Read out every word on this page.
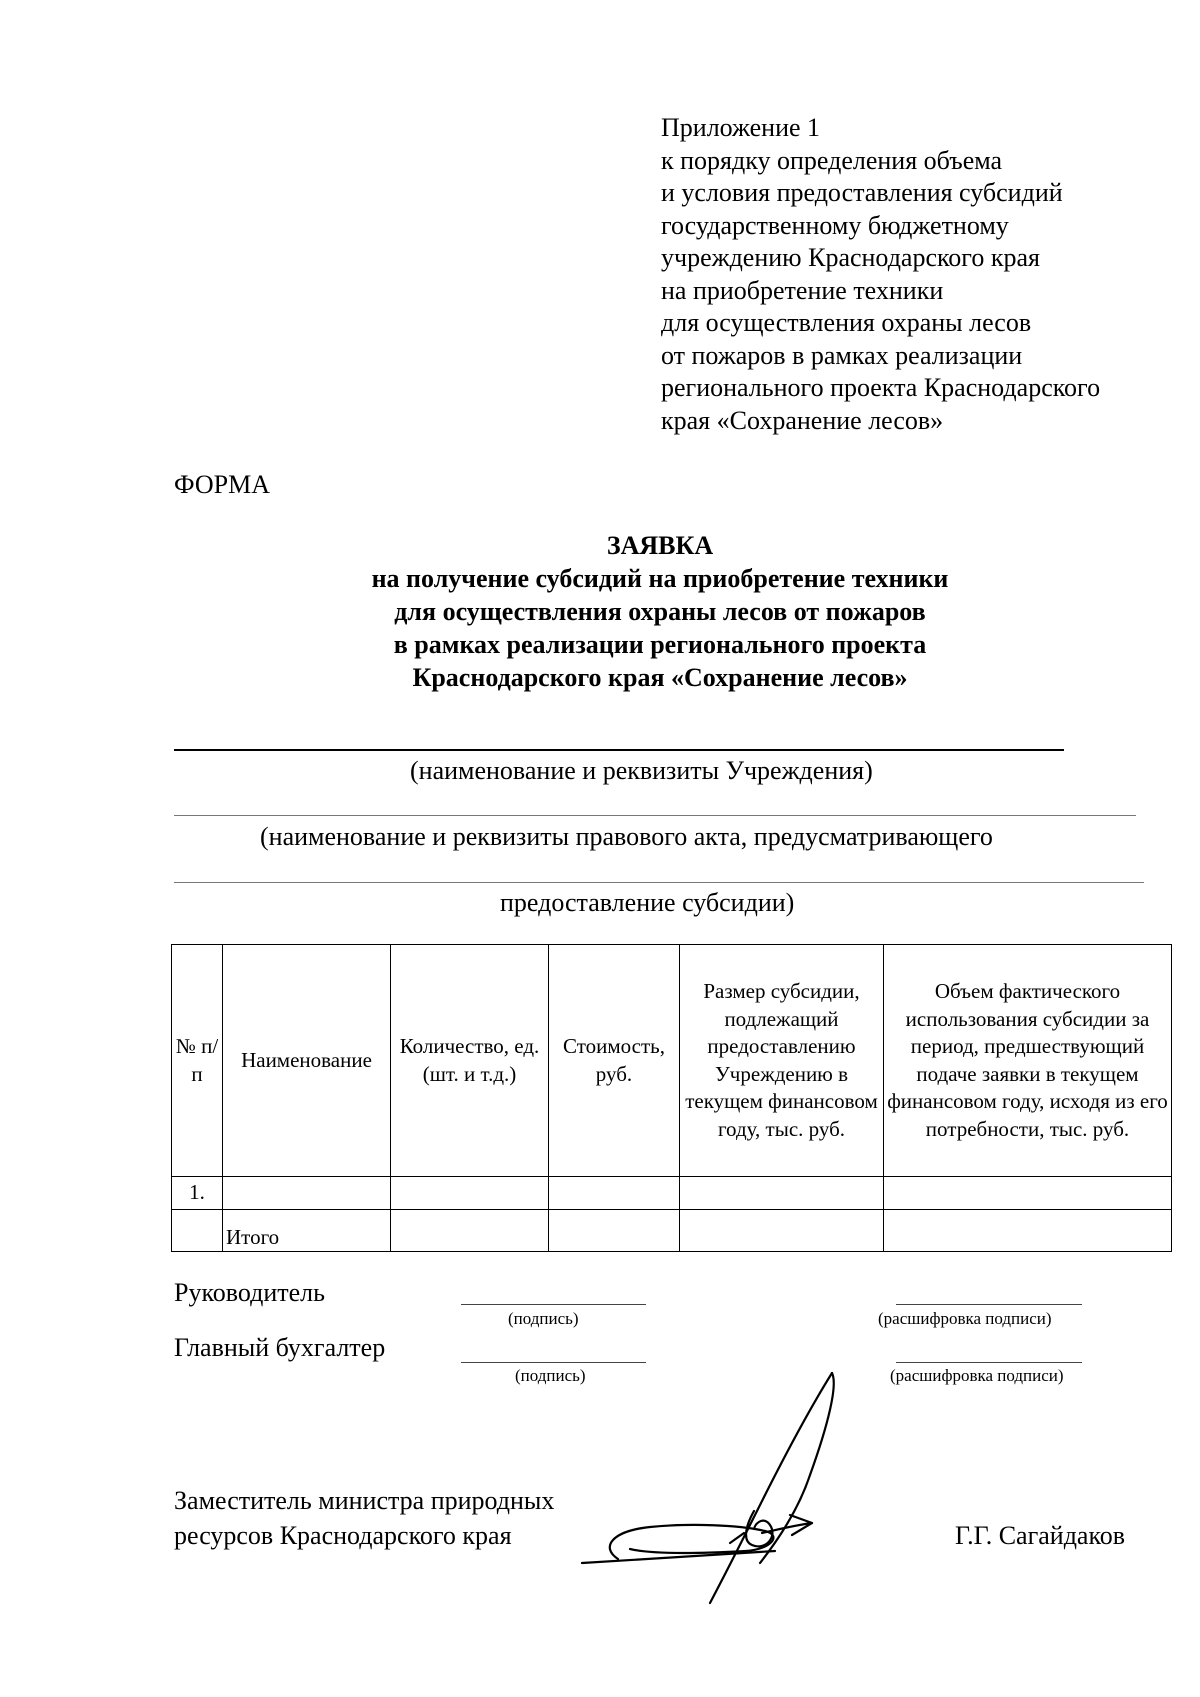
Приложение 1
к порядку определения объема
и условия предоставления субсидий
государственному бюджетному
учреждению Краснодарского края
на приобретение техники
для осуществления охраны лесов
от пожаров в рамках реализации
регионального проекта Краснодарского
края «Сохранение лесов»
ФОРМА
ЗАЯВКА
на получение субсидий на приобретение техники
для осуществления охраны лесов от пожаров
в рамках реализации регионального проекта
Краснодарского края «Сохранение лесов»
(наименование и реквизиты Учреждения)
(наименование и реквизиты правового акта, предусматривающего
предоставление субсидии)
№ п/п	Наименование	Количество, ед. (шт. и т.д.)	Стоимость, руб.	Размер субсидии, подлежащий предоставлению Учреждению в текущем финансовом году, тыс. руб.	Объем фактического использования субсидии за период, предшествующий подаче заявки в текущем финансовом году, исходя из его потребности, тыс. руб.
1.					
	Итого				
Руководитель
(подпись)	(расшифровка подписи)
Главный бухгалтер
(подпись)	(расшифровка подписи)
Заместитель министра природных
ресурсов Краснодарского края	Г.Г. Сагайдаков
